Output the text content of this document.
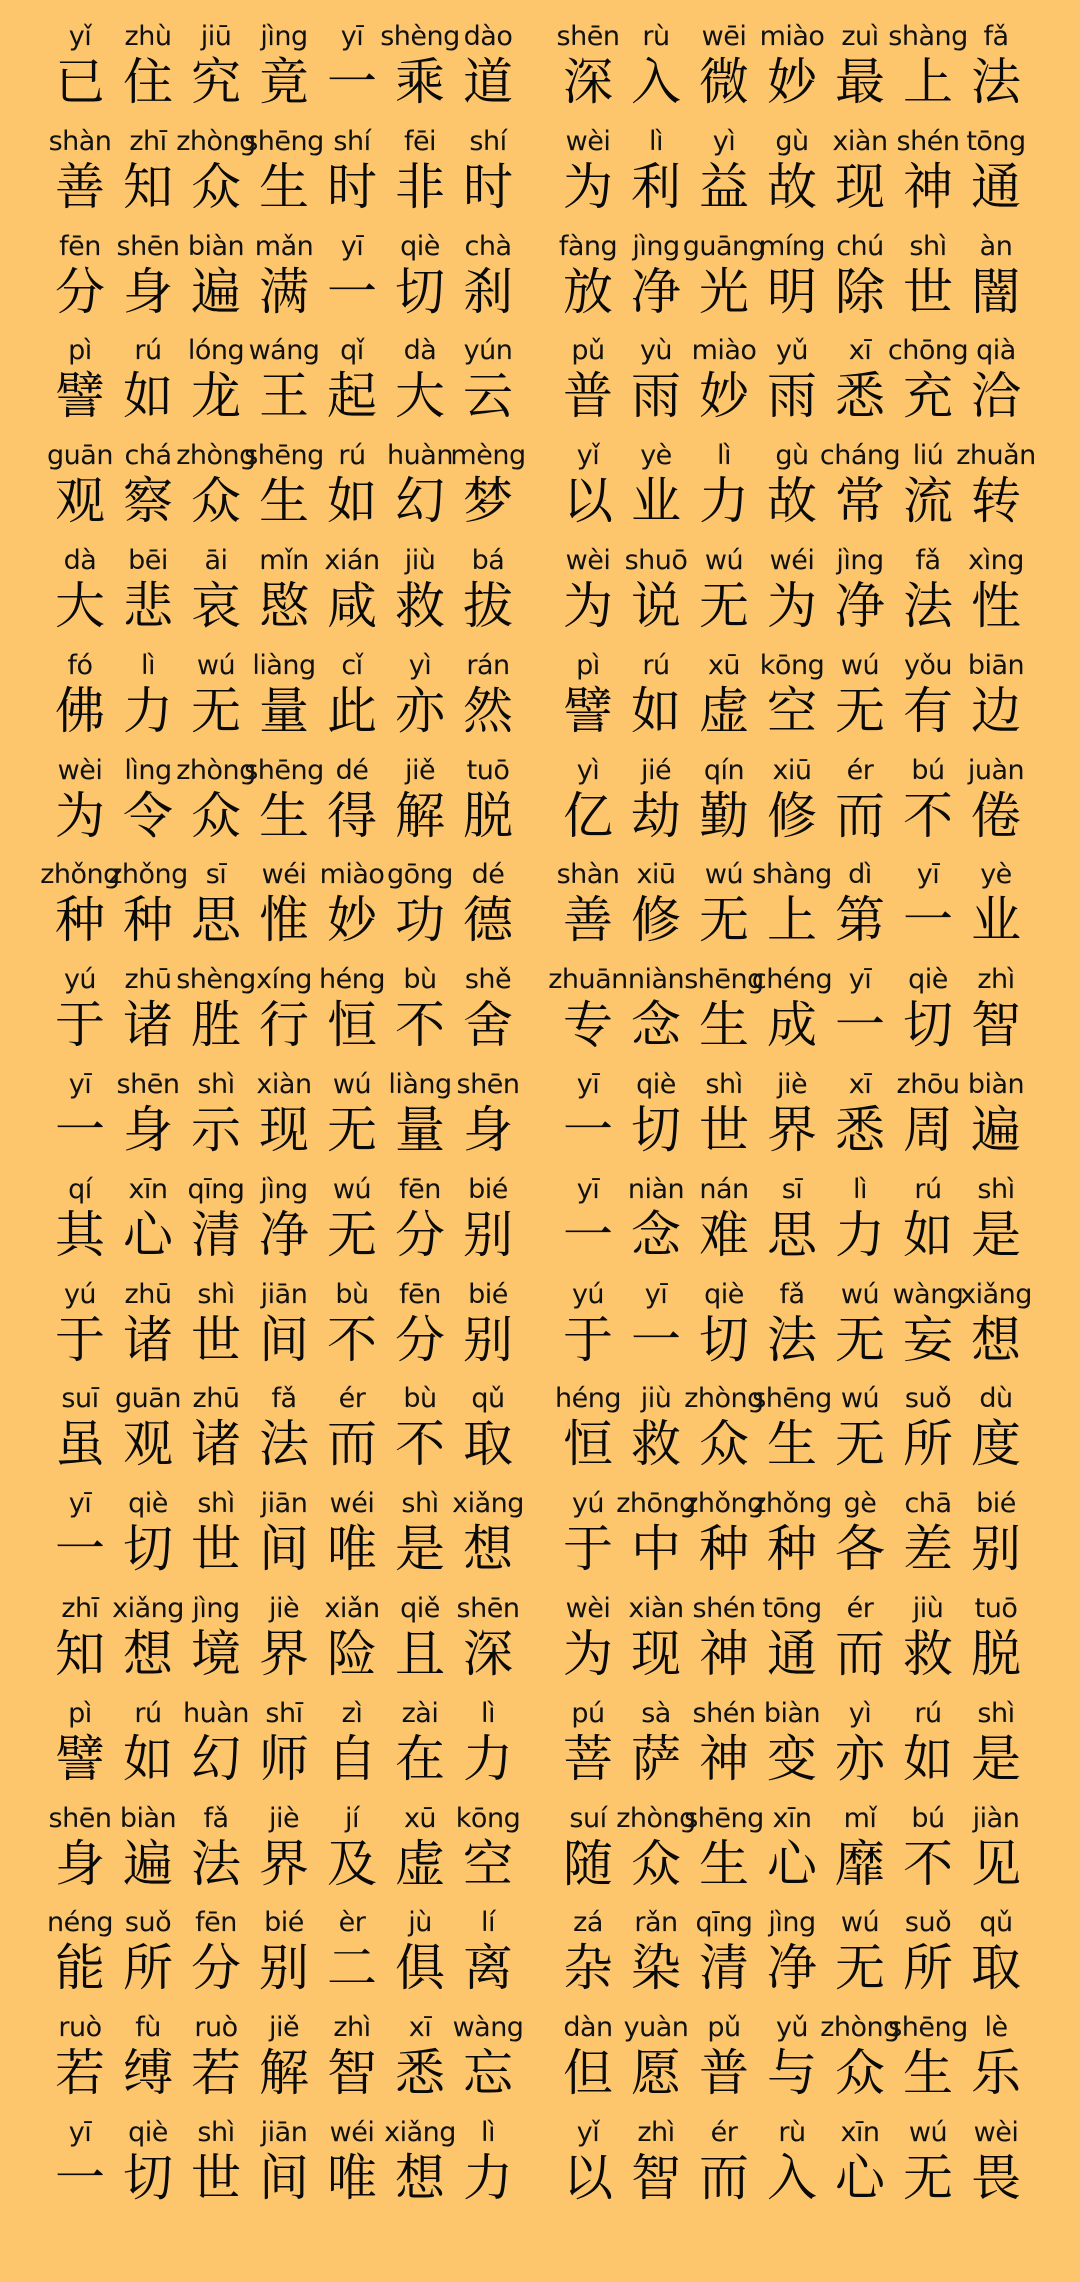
yǐ
已
zhù
住
jiū
究
jìng
竟
yī
一
shèng
乘
dào
道
shēn
深
rù
入
wēi
微
miào
妙
zuì
最
shàng
上
fǎ
法
shàn
善
zhī
知
zhòng
众
shēng
生
shí
时
fēi
非
shí
时
wèi
为
lì
利
yì
益
gù
故
xiàn
现
shén
神
tōng
通
fēn
分
shēn
身
biàn
遍
mǎn
满
yī
一
qiè
切
chà
刹
fàng
放
jìng
净
guāng
光
míng
明
chú
除
shì
世
àn
闇
pì
譬
rú
如
lóng
龙
wáng
王
qǐ
起
dà
大
yún
云
pǔ
普
yù
雨
miào
妙
yǔ
雨
xī
悉
chōng
充
qià
洽
guān
观
chá
察
zhòng
众
shēng
生
rú
如
huàn
幻
mèng
梦
yǐ
以
yè
业
lì
力
gù
故
cháng
常
liú
流
zhuǎn
转
dà
大
bēi
悲
āi
哀
mǐn
愍
xián
咸
jiù
救
bá
拔
wèi
为
shuō
说
wú
无
wéi
为
jìng
净
fǎ
法
xìng
性
fó
佛
lì
力
wú
无
liàng
量
cǐ
此
yì
亦
rán
然
pì
譬
rú
如
xū
虚
kōng
空
wú
无
yǒu
有
biān
边
wèi
为
lìng
令
zhòng
众
shēng
生
dé
得
jiě
解
tuō
脱
yì
亿
jié
劫
qín
勤
xiū
修
ér
而
bú
不
juàn
倦
zhǒng
种
zhǒng
种
sī
思
wéi
惟
miào
妙
gōng
功
dé
德
shàn
善
xiū
修
wú
无
shàng
上
dì
第
yī
一
yè
业
yú
于
zhū
诸
shèng
胜
xíng
行
héng
恒
bù
不
shě
舍
zhuān
专
niàn
念
shēng
生
chéng
成
yī
一
qiè
切
zhì
智
yī
一
shēn
身
shì
示
xiàn
现
wú
无
liàng
量
shēn
身
yī
一
qiè
切
shì
世
jiè
界
xī
悉
zhōu
周
biàn
遍
qí
其
xīn
心
qīng
清
jìng
净
wú
无
fēn
分
bié
别
yī
一
niàn
念
nán
难
sī
思
lì
力
rú
如
shì
是
yú
于
zhū
诸
shì
世
jiān
间
bù
不
fēn
分
bié
别
yú
于
yī
一
qiè
切
fǎ
法
wú
无
wàng
妄
xiǎng
想
suī
虽
guān
观
zhū
诸
fǎ
法
ér
而
bù
不
qǔ
取
héng
恒
jiù
救
zhòng
众
shēng
生
wú
无
suǒ
所
dù
度
yī
一
qiè
切
shì
世
jiān
间
wéi
唯
shì
是
xiǎng
想
yú
于
zhōng
中
zhǒng
种
zhǒng
种
gè
各
chā
差
bié
别
zhī
知
xiǎng
想
jìng
境
jiè
界
xiǎn
险
qiě
且
shēn
深
wèi
为
xiàn
现
shén
神
tōng
通
ér
而
jiù
救
tuō
脱
pì
譬
rú
如
huàn
幻
shī
师
zì
自
zài
在
lì
力
pú
菩
sà
萨
shén
神
biàn
变
yì
亦
rú
如
shì
是
shēn
身
biàn
遍
fǎ
法
jiè
界
jí
及
xū
虚
kōng
空
suí
随
zhòng
众
shēng
生
xīn
心
mǐ
靡
bú
不
jiàn
见
néng
能
suǒ
所
fēn
分
bié
别
èr
二
jù
俱
lí
离
zá
杂
rǎn
染
qīng
清
jìng
净
wú
无
suǒ
所
qǔ
取
ruò
若
fù
缚
ruò
若
jiě
解
zhì
智
xī
悉
wàng
忘
dàn
但
yuàn
愿
pǔ
普
yǔ
与
zhòng
众
shēng
生
lè
乐
yī
一
qiè
切
shì
世
jiān
间
wéi
唯
xiǎng
想
lì
力
yǐ
以
zhì
智
ér
而
rù
入
xīn
心
wú
无
wèi
畏
